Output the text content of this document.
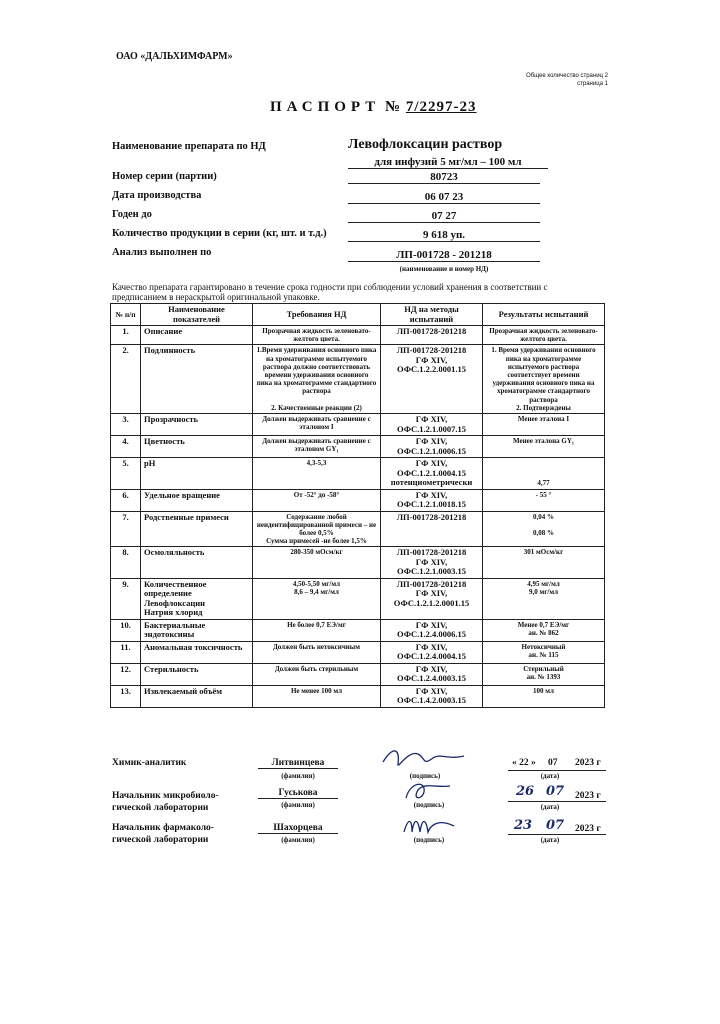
ОАО «ДАЛЬХИМФАРМ»
Общее количество страниц 2
страница 1
ПАСПОРТ № 7/2297-23
Наименование препарата по НД	Левофлоксацин раствор
для инфузий 5 мг/мл – 100 мл
Номер серии (партии)	80723
Дата производства	06 07 23
Годен до	07 27
Количество продукции в серии (кг, шт. и т.д.)	9 618 уп.
Анализ выполнен по	ЛП-001728 - 201218
(наименование и номер НД)
Качество препарата гарантировано в течение срока годности при соблюдении условий хранения в соответствии с предписанием в нераскрытой оригинальной упаковке.
№ п/п	Наименование показателей	Требования НД	НД на методы испытаний	Результаты испытаний
1.	Описание	Прозрачная жидкость зеленовато-желтого цвета.	ЛП-001728-201218	Прозрачная жидкость зеленовато-желтого цвета.
2.	Подлинность	1.Время удерживания основного пика на хроматограмме испытуемого раствора должно соответствовать времени удерживания основного пика на хроматограмме стандартного раствора

2. Качественные реакции (2)	ЛП-001728-201218
ГФ XIV,
ОФС.1.2.2.0001.15	1. Время удерживания основного пика на хроматограмме испытуемого раствора соответствует времени удерживания основного пика на хроматограмме стандартного раствора
2. Подтверждены
3.	Прозрачность	Должен выдерживать сравнение с эталоном I	ГФ XIV,
ОФС.1.2.1.0007.15	Менее эталона I
4.	Цветность	Должен выдерживать сравнение с эталоном GY₁	ГФ XIV,
ОФС.1.2.1.0006.15	Менее эталона GY₁
5.	pH	4,3-5,3	ГФ XIV,
ОФС.1.2.1.0004.15
потенциометрически	4,77
6.	Удельное вращение	От -52° до -58°	ГФ XIV,
ОФС.1.2.1.0018.15	- 55 °
7.	Родственные примеси	Содержание любой неидентифицированной примеси – не более 0,5%
Сумма примесей -не более 1,5%	ЛП-001728-201218	0,04 %

0,08 %
8.	Осмоляльность	280-350 мОсм/кг	ЛП-001728-201218
ГФ XIV,
ОФС.1.2.1.0003.15	301 мОсм/кг
9.	Количественное определение
Левофлоксацин
Натрия хлорид	4,50-5,50 мг/мл
8,6 – 9,4 мг/мл	ЛП-001728-201218
ГФ XIV,
ОФС.1.2.1.2.0001.15	4,95 мг/мл
9,0 мг/мл
10.	Бактериальные эндотоксины	Не более 0,7 ЕЭ/мг	ГФ XIV,
ОФС.1.2.4.0006.15	Менее 0,7 ЕЭ/мг
ан. № 862
11.	Аномальная токсичность	Должен быть нетоксичным	ГФ XIV,
ОФС.1.2.4.0004.15	Нетоксичный
ан. № 115
12.	Стерильность	Должен быть стерильным	ГФ XIV,
ОФС.1.2.4.0003.15	Стерильный
ан. № 1393
13.	Извлекаемый объём	Не менее 100 мл	ГФ XIV,
ОФС.1.4.2.0003.15	100 мл
Химик-аналитик	Литвинцева
(фамилия)	(подпись)
« 22 » 07 2023 г
(дата)
Начальник микробиоло-
гической лаборатории
Гуськова
(фамилия)	(подпись)
26 07 2023 г
(дата)
Начальник фармаколо-
гической лаборатории
Шахорцева
(фамилия)	(подпись)
23 07 2023 г
(дата)
